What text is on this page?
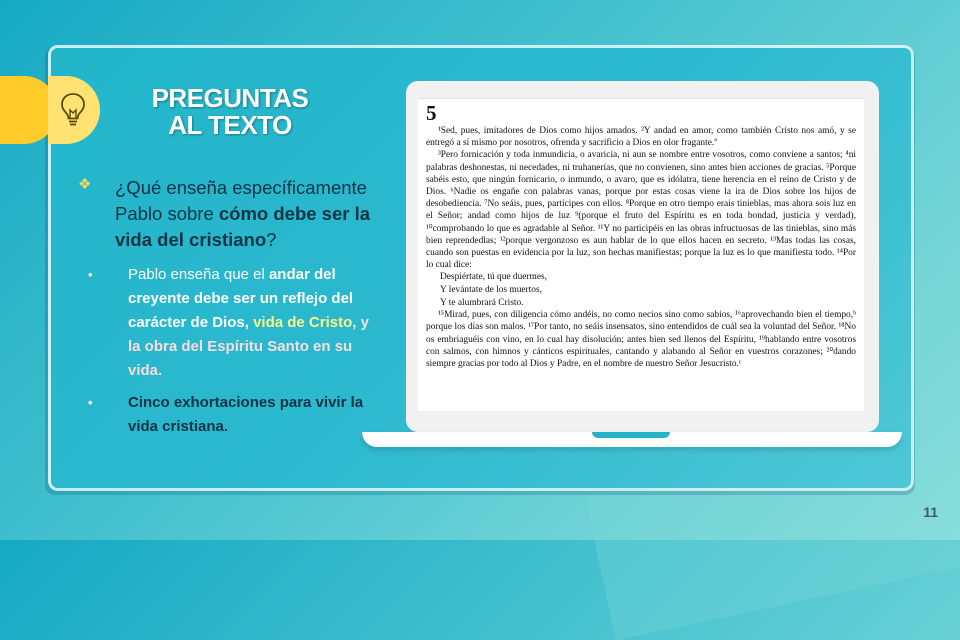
PREGUNTAS
AL TEXTO
❖ ¿Qué enseña específicamente Pablo sobre cómo debe ser la vida del cristiano?
• Pablo enseña que el andar del creyente debe ser un reflejo del carácter de Dios, vida de Cristo, y la obra del Espíritu Santo en su vida.
• Cinco exhortaciones para vivir la vida cristiana.
5

¹Sed, pues, imitadores de Dios como hijos amados. ²Y andad en amor, como también Cristo nos amó, y se entregó a sí mismo por nosotros, ofrenda y sacrificio a Dios en olor fragante.ª

³Pero fornicación y toda inmundicia, o avaricia, ni aun se nombre entre vosotros, como conviene a santos; ⁴ni palabras deshonestas, ni necedades, ni truhanerías, que no convienen, sino antes bien acciones de gracias. ⁵Porque sabéis esto, que ningún fornicario, o inmundo, o avaro, que es idólatra, tiene herencia en el reino de Cristo y de Dios. ⁶Nadie os engañe con palabras vanas, porque por estas cosas viene la ira de Dios sobre los hijos de desobediencia. ⁷No seáis, pues, partícipes con ellos. ⁸Porque en otro tiempo erais tinieblas, mas ahora sois luz en el Señor; andad como hijos de luz ⁹(porque el fruto del Espíritu es en toda bondad, justicia y verdad), ¹⁰comprobando lo que es agradable al Señor. ¹¹Y no participéis en las obras infructuosas de las tinieblas, sino más bien reprendedlas; ¹²porque vergonzoso es aun hablar de lo que ellos hacen en secreto. ¹³Mas todas las cosas, cuando son puestas en evidencia por la luz, son hechas manifiestas; porque la luz es lo que manifiesta todo. ¹⁴Por lo cual dice:

Despiértate, tú que duermes,
Y levántate de los muertos,
Y te alumbrará Cristo.

¹⁵Mirad, pues, con diligencia cómo andéis, no como necios sino como sabios, ¹⁶aprovechando bien el tiempo,ᵇ porque los días son malos. ¹⁷Por tanto, no seáis insensatos, sino entendidos de cuál sea la voluntad del Señor. ¹⁸No os embriaguéis con vino, en lo cual hay disolución; antes bien sed llenos del Espíritu, ¹⁹hablando entre vosotros con salmos, con himnos y cánticos espirituales, cantando y alabando al Señor en vuestros corazones; ²⁰dando siempre gracias por todo al Dios y Padre, en el nombre de nuestro Señor Jesucristo.ᶜ

11
